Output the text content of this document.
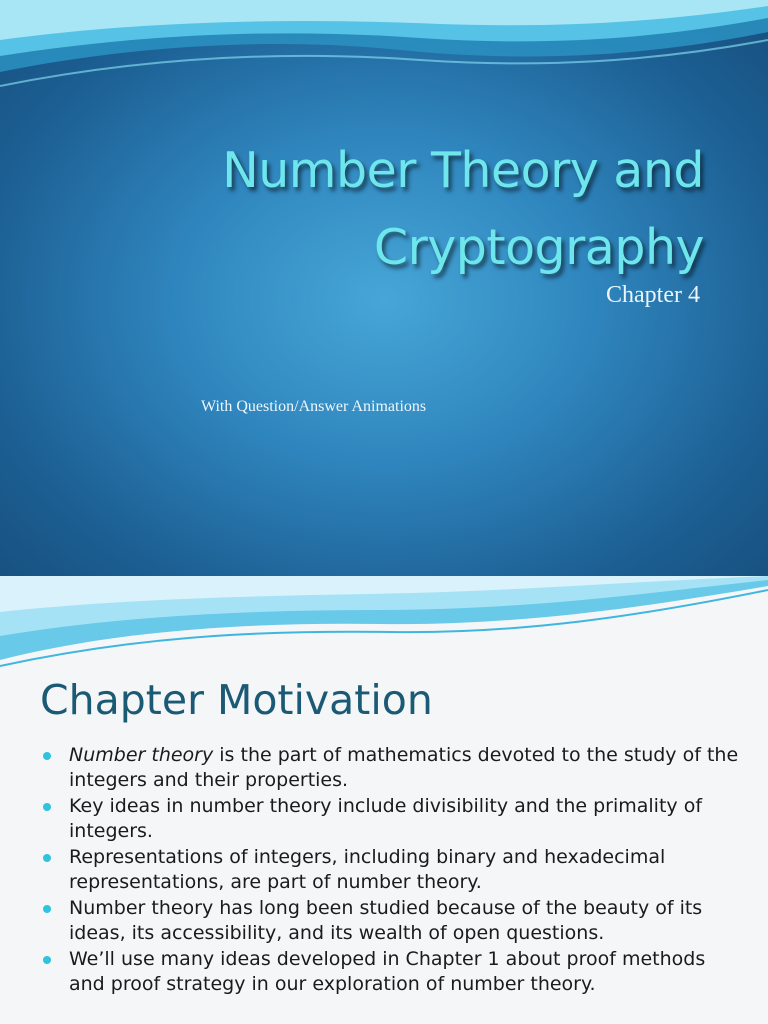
Number Theory and
Cryptography
Chapter 4
With Question/Answer Animations
Chapter Motivation
Number theory is the part of mathematics devoted to the study of the integers and their properties.
Key ideas in number theory include divisibility and the primality of integers.
Representations of integers, including binary and hexadecimal representations, are part of number theory.
Number theory has long been studied because of the beauty of its ideas, its accessibility, and its wealth of open questions.
We’ll use many ideas developed in Chapter 1 about proof methods and proof strategy in our exploration of number theory.
